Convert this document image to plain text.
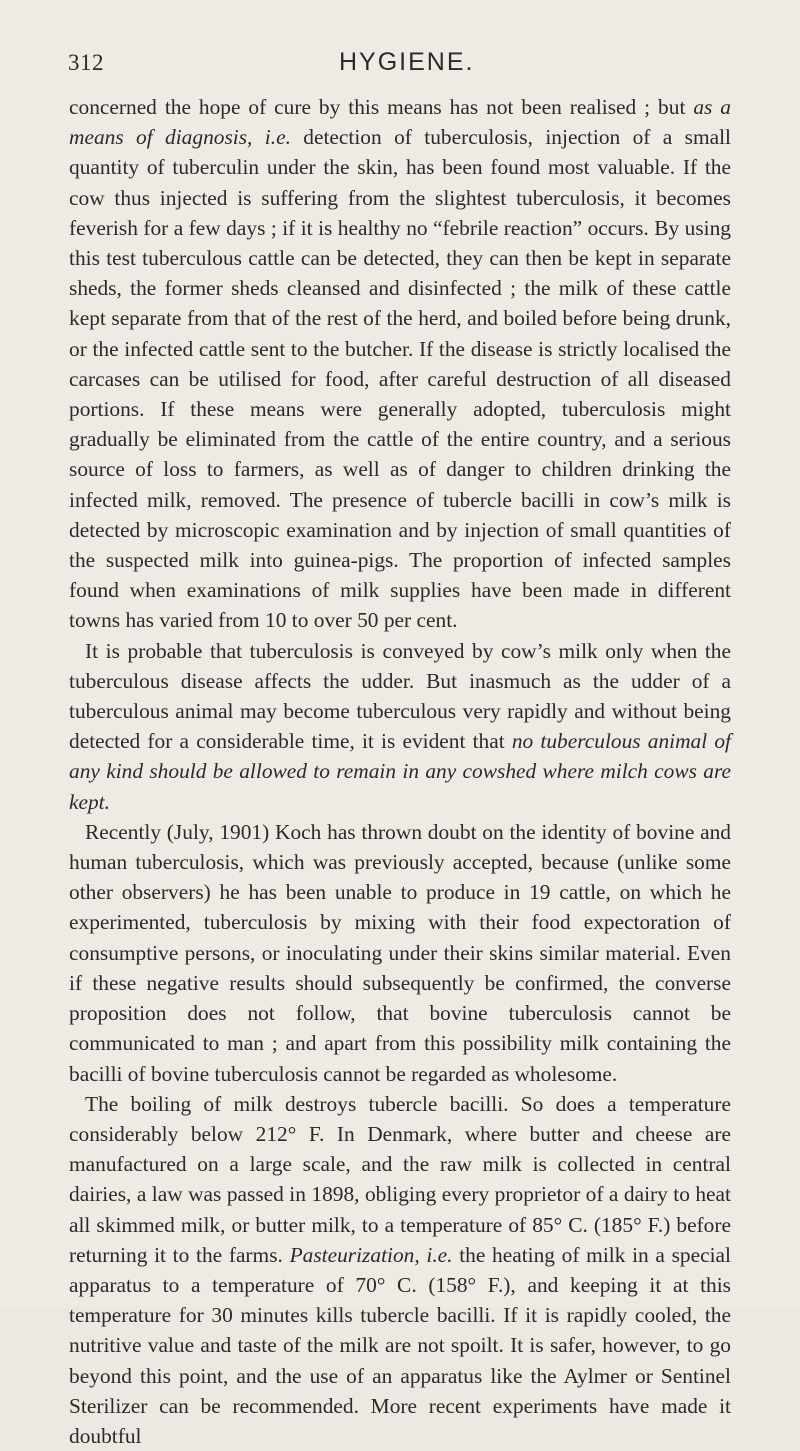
312	HYGIENE.

concerned the hope of cure by this means has not been realised ; but as a means of diagnosis, i.e. detection of tuberculosis, injection of a small quantity of tuberculin under the skin, has been found most valuable. If the cow thus injected is suffering from the slightest tuberculosis, it becomes feverish for a few days ; if it is healthy no “febrile reaction” occurs. By using this test tuberculous cattle can be detected, they can then be kept in separate sheds, the former sheds cleansed and disinfected ; the milk of these cattle kept separate from that of the rest of the herd, and boiled before being drunk, or the infected cattle sent to the butcher. If the disease is strictly localised the carcases can be utilised for food, after careful destruction of all diseased portions. If these means were generally adopted, tuberculosis might gradually be eliminated from the cattle of the entire country, and a serious source of loss to farmers, as well as of danger to children drinking the infected milk, removed. The presence of tubercle bacilli in cow’s milk is detected by microscopic examination and by injection of small quantities of the suspected milk into guinea-pigs. The proportion of infected samples found when examinations of milk supplies have been made in different towns has varied from 10 to over 50 per cent.

It is probable that tuberculosis is conveyed by cow’s milk only when the tuberculous disease affects the udder. But inasmuch as the udder of a tuberculous animal may become tuberculous very rapidly and without being detected for a considerable time, it is evident that no tuberculous animal of any kind should be allowed to remain in any cowshed where milch cows are kept.

Recently (July, 1901) Koch has thrown doubt on the identity of bovine and human tuberculosis, which was previously accepted, because (unlike some other observers) he has been unable to produce in 19 cattle, on which he experimented, tuberculosis by mixing with their food expectoration of consumptive persons, or inoculating under their skins similar material. Even if these negative results should subsequently be confirmed, the converse proposition does not follow, that bovine tuberculosis cannot be communicated to man ; and apart from this possibility milk containing the bacilli of bovine tuberculosis cannot be regarded as wholesome.

The boiling of milk destroys tubercle bacilli. So does a temperature considerably below 212° F. In Denmark, where butter and cheese are manufactured on a large scale, and the raw milk is collected in central dairies, a law was passed in 1898, obliging every proprietor of a dairy to heat all skimmed milk, or butter milk, to a temperature of 85° C. (185° F.) before returning it to the farms. Pasteurization, i.e. the heating of milk in a special apparatus to a temperature of 70° C. (158° F.), and keeping it at this temperature for 30 minutes kills tubercle bacilli. If it is rapidly cooled, the nutritive value and taste of the milk are not spoilt. It is safer, however, to go beyond this point, and the use of an apparatus like the Aylmer or Sentinel Sterilizer can be recommended. More recent experiments have made it doubtful
